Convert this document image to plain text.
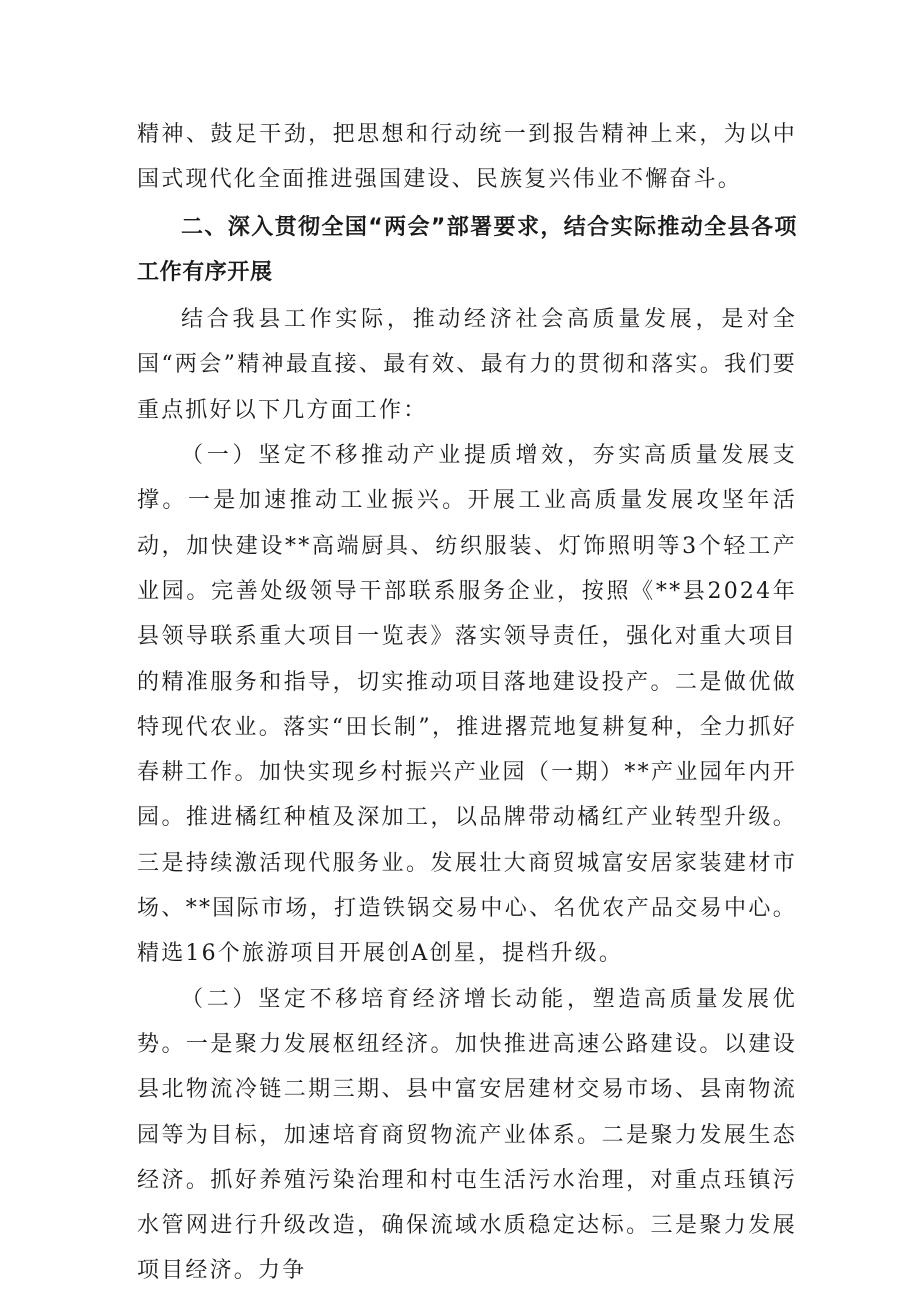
精神、鼓足干劲，把思想和行动统一到报告精神上来，为以中国式现代化全面推进强国建设、民族复兴伟业不懈奋斗。

二、深入贯彻全国“两会”部署要求，结合实际推动全县各项工作有序开展

结合我县工作实际，推动经济社会高质量发展，是对全国“两会”精神最直接、最有效、最有力的贯彻和落实。我们要重点抓好以下几方面工作：

（一）坚定不移推动产业提质增效，夯实高质量发展支撑。一是加速推动工业振兴。开展工业高质量发展攻坚年活动，加快建设**高端厨具、纺织服装、灯饰照明等3个轻工产业园。完善处级领导干部联系服务企业，按照《**县2024年县领导联系重大项目一览表》落实领导责任，强化对重大项目的精准服务和指导，切实推动项目落地建设投产。二是做优做特现代农业。落实“田长制”，推进撂荒地复耕复种，全力抓好春耕工作。加快实现乡村振兴产业园（一期）**产业园年内开园。推进橘红种植及深加工，以品牌带动橘红产业转型升级。三是持续激活现代服务业。发展壮大商贸城富安居家装建材市场、**国际市场，打造铁锅交易中心、名优农产品交易中心。精选16个旅游项目开展创A创星，提档升级。

（二）坚定不移培育经济增长动能，塑造高质量发展优势。一是聚力发展枢纽经济。加快推进高速公路建设。以建设县北物流冷链二期三期、县中富安居建材交易市场、县南物流园等为目标，加速培育商贸物流产业体系。二是聚力发展生态经济。抓好养殖污染治理和村屯生活污水治理，对重点珏镇污水管网进行升级改造，确保流域水质稳定达标。三是聚力发展项目经济。力争
